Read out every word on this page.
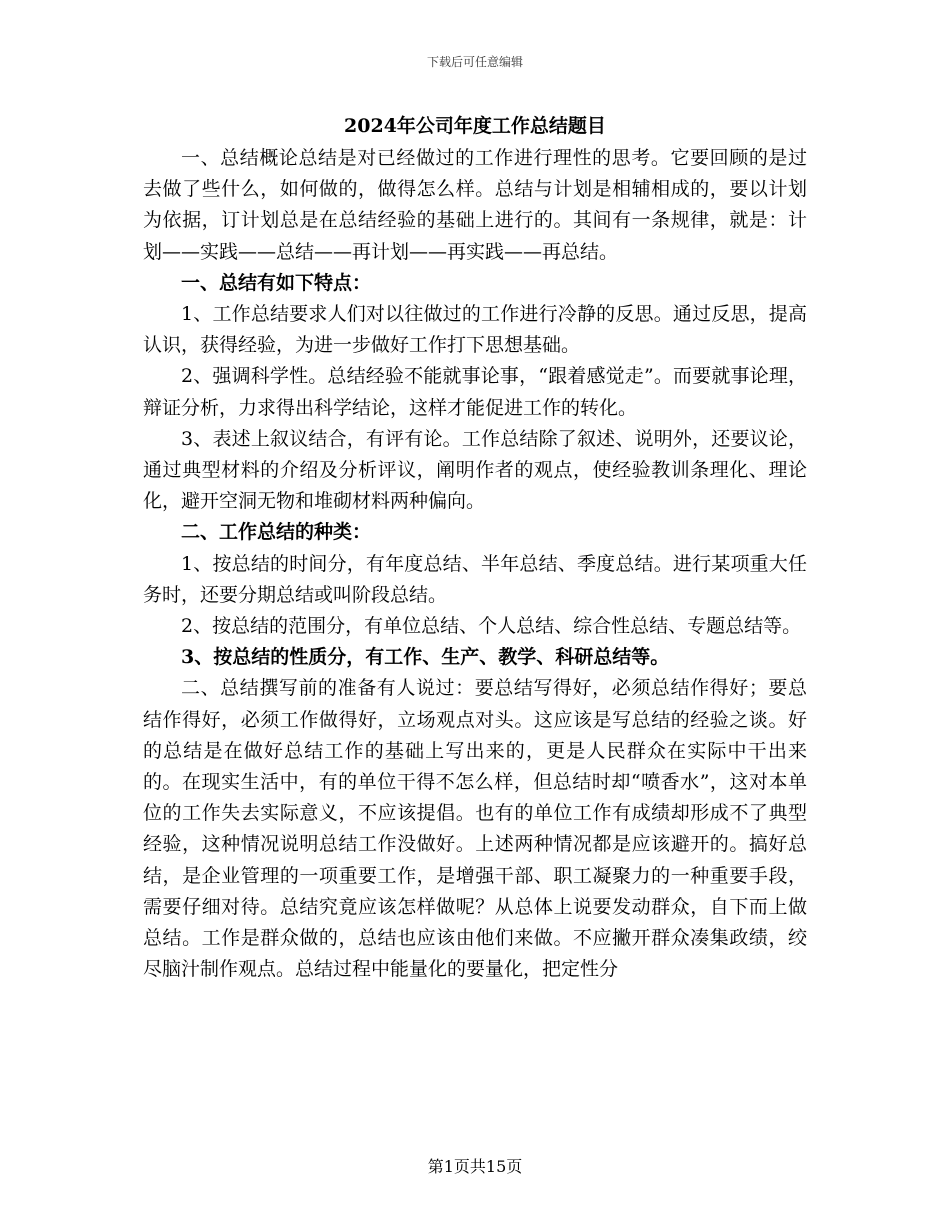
下载后可任意编辑
2024年公司年度工作总结题目

一、总结概论总结是对已经做过的工作进行理性的思考。它要回顾的是过去做了些什么，如何做的，做得怎么样。总结与计划是相辅相成的，要以计划为依据，订计划总是在总结经验的基础上进行的。其间有一条规律，就是：计划——实践——总结——再计划——再实践——再总结。

一、总结有如下特点：

1、工作总结要求人们对以往做过的工作进行冷静的反思。通过反思，提高认识，获得经验，为进一步做好工作打下思想基础。

2、强调科学性。总结经验不能就事论事，“跟着感觉走”。而要就事论理，辩证分析，力求得出科学结论，这样才能促进工作的转化。

3、表述上叙议结合，有评有论。工作总结除了叙述、说明外，还要议论，通过典型材料的介绍及分析评议，阐明作者的观点，使经验教训条理化、理论化，避开空洞无物和堆砌材料两种偏向。

二、工作总结的种类：

1、按总结的时间分，有年度总结、半年总结、季度总结。进行某项重大任务时，还要分期总结或叫阶段总结。

2、按总结的范围分，有单位总结、个人总结、综合性总结、专题总结等。

3、按总结的性质分，有工作、生产、教学、科研总结等。

二、总结撰写前的准备有人说过：要总结写得好，必须总结作得好；要总结作得好，必须工作做得好，立场观点对头。这应该是写总结的经验之谈。好的总结是在做好总结工作的基础上写出来的，更是人民群众在实际中干出来的。在现实生活中，有的单位干得不怎么样，但总结时却“喷香水”，这对本单位的工作失去实际意义，不应该提倡。也有的单位工作有成绩却形成不了典型经验，这种情况说明总结工作没做好。上述两种情况都是应该避开的。搞好总结，是企业管理的一项重要工作，是增强干部、职工凝聚力的一种重要手段，需要仔细对待。总结究竟应该怎样做呢？从总体上说要发动群众，自下而上做总结。工作是群众做的，总结也应该由他们来做。不应撇开群众凑集政绩，绞尽脑汁制作观点。总结过程中能量化的要量化，把定性分

第1页共15页
